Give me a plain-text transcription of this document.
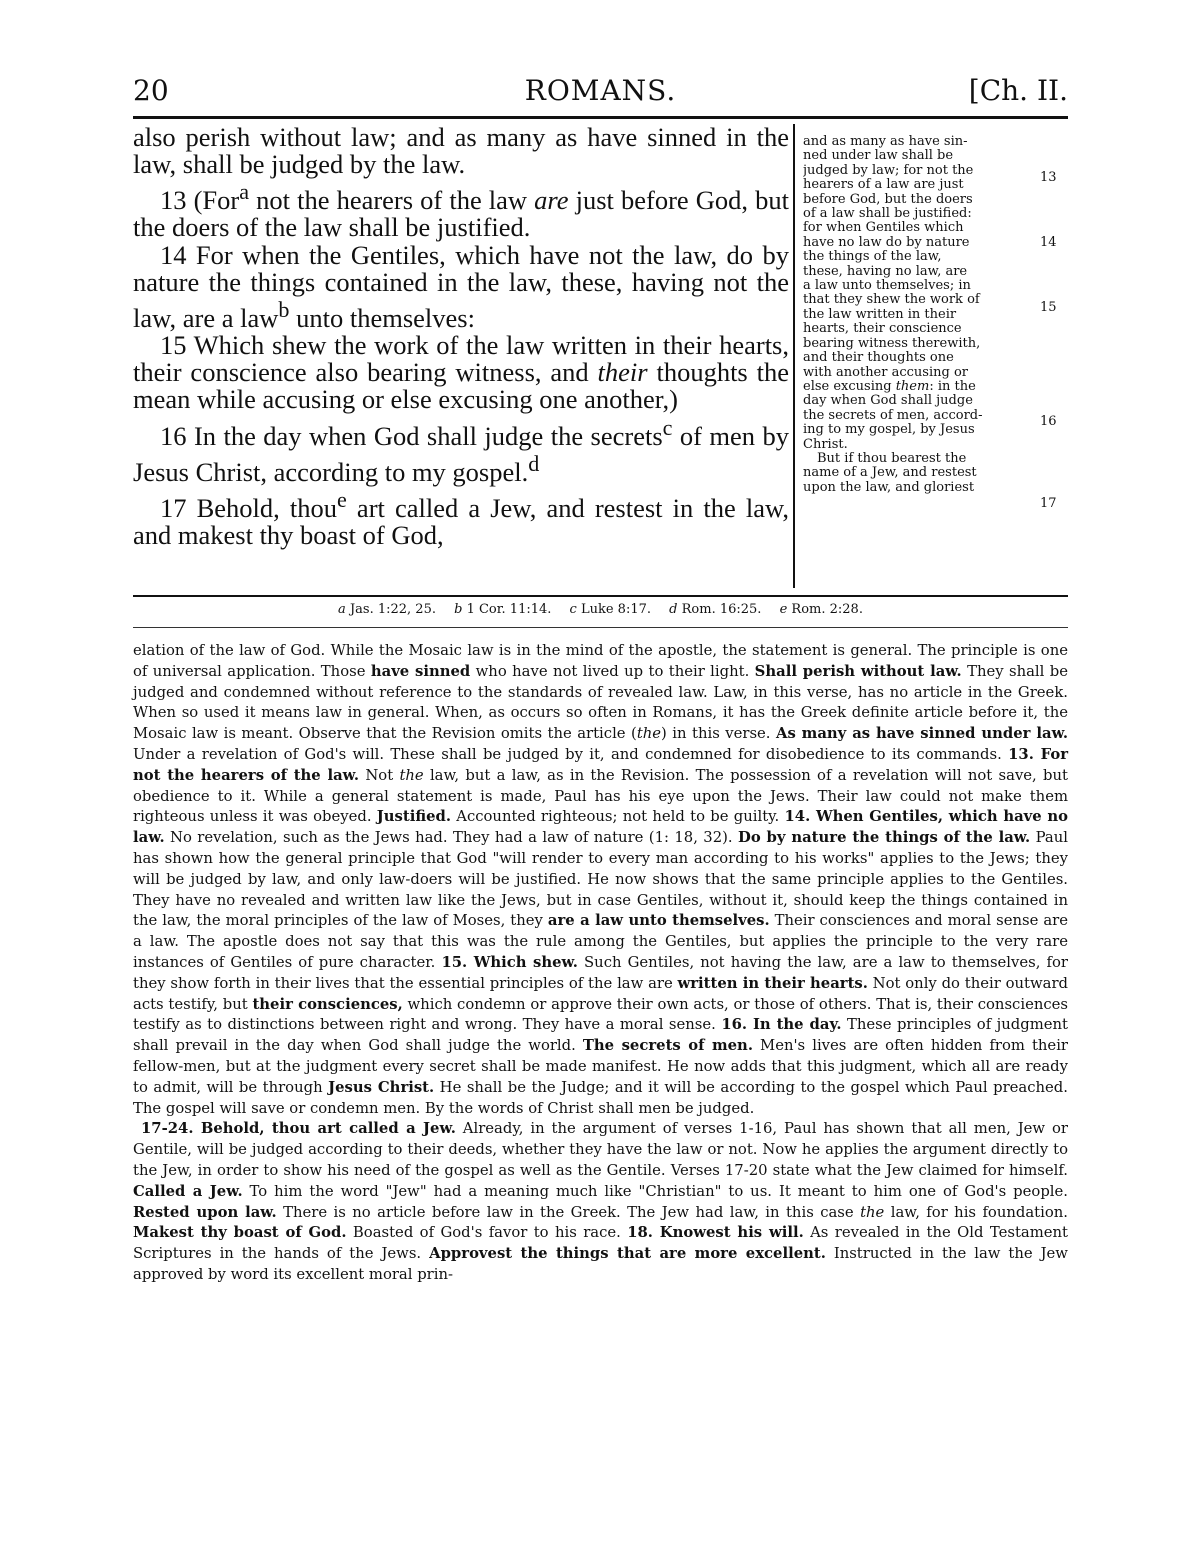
20	ROMANS.	[Ch. II.

also perish without law; and as many as have sinned in the law, shall be judged by the law.

13 (For$^a$ not the hearers of the law are just before God, but the doers of the law shall be justified.

14 For when the Gentiles, which have not the law, do by nature the things contained in the law, these, having not the law, are a law$^b$ unto themselves:

15 Which shew the work of the law written in their hearts, their conscience also bearing witness, and their thoughts the mean while accusing or else excusing one another,)

16 In the day when God shall judge the secrets$^c$ of men by Jesus Christ, according to my gospel.$^d$

17 Behold, thou$^e$ art called a Jew, and restest in the law, and makest thy boast of God,

and as many as have sin-
ned under law shall be
judged by law; for not the
hearers of a law are just
before God, but the doers
of a law shall be justified:
for when Gentiles which
have no law do by nature
the things of the law,
these, having no law, are
a law unto themselves; in
that they shew the work of
the law written in their
hearts, their conscience
bearing witness therewith,
and their thoughts one
with another accusing or
else excusing them: in the
day when God shall judge
the secrets of men, accord-
ing to my gospel, by Jesus
Christ.
But if thou bearest the
name of a Jew, and restest
upon the law, and gloriest
13
14
15
16
17
a Jas. 1:22, 25. b 1 Cor. 11:14. c Luke 8:17. d Rom. 16:25. e Rom. 2:28.

elation of the law of God. While the Mosaic law is in the mind of the apostle, the statement is general. The principle is one of universal application. Those have sinned who have not lived up to their light. Shall perish without law. They shall be judged and condemned without reference to the standards of revealed law. Law, in this verse, has no article in the Greek. When so used it means law in general. When, as occurs so often in Romans, it has the Greek definite article before it, the Mosaic law is meant. Observe that the Revision omits the article (the) in this verse. As many as have sinned under law. Under a revelation of God's will. These shall be judged by it, and condemned for disobedience to its commands. 13. For not the hearers of the law. Not the law, but a law, as in the Revision. The possession of a revelation will not save, but obedience to it. While a general statement is made, Paul has his eye upon the Jews. Their law could not make them righteous unless it was obeyed. Justified. Accounted righteous; not held to be guilty. 14. When Gentiles, which have no law. No revelation, such as the Jews had. They had a law of nature (1: 18, 32). Do by nature the things of the law. Paul has shown how the general principle that God "will render to every man according to his works" applies to the Jews; they will be judged by law, and only law-doers will be justified. He now shows that the same principle applies to the Gentiles. They have no revealed and written law like the Jews, but in case Gentiles, without it, should keep the things contained in the law, the moral principles of the law of Moses, they are a law unto themselves. Their consciences and moral sense are a law. The apostle does not say that this was the rule among the Gentiles, but applies the principle to the very rare instances of Gentiles of pure character. 15. Which shew. Such Gentiles, not having the law, are a law to themselves, for they show forth in their lives that the essential principles of the law are written in their hearts. Not only do their outward acts testify, but their consciences, which condemn or approve their own acts, or those of others. That is, their consciences testify as to distinctions between right and wrong. They have a moral sense. 16. In the day. These principles of judgment shall prevail in the day when God shall judge the world. The secrets of men. Men's lives are often hidden from their fellow-men, but at the judgment every secret shall be made manifest. He now adds that this judgment, which all are ready to admit, will be through Jesus Christ. He shall be the Judge; and it will be according to the gospel which Paul preached. The gospel will save or condemn men. By the words of Christ shall men be judged.

17-24. Behold, thou art called a Jew. Already, in the argument of verses 1-16, Paul has shown that all men, Jew or Gentile, will be judged according to their deeds, whether they have the law or not. Now he applies the argument directly to the Jew, in order to show his need of the gospel as well as the Gentile. Verses 17-20 state what the Jew claimed for himself. Called a Jew. To him the word "Jew" had a meaning much like "Christian" to us. It meant to him one of God's people. Rested upon law. There is no article before law in the Greek. The Jew had law, in this case the law, for his foundation. Makest thy boast of God. Boasted of God's favor to his race. 18. Knowest his will. As revealed in the Old Testament Scriptures in the hands of the Jews. Approvest the things that are more excellent. Instructed in the law the Jew approved by word its excellent moral prin-
